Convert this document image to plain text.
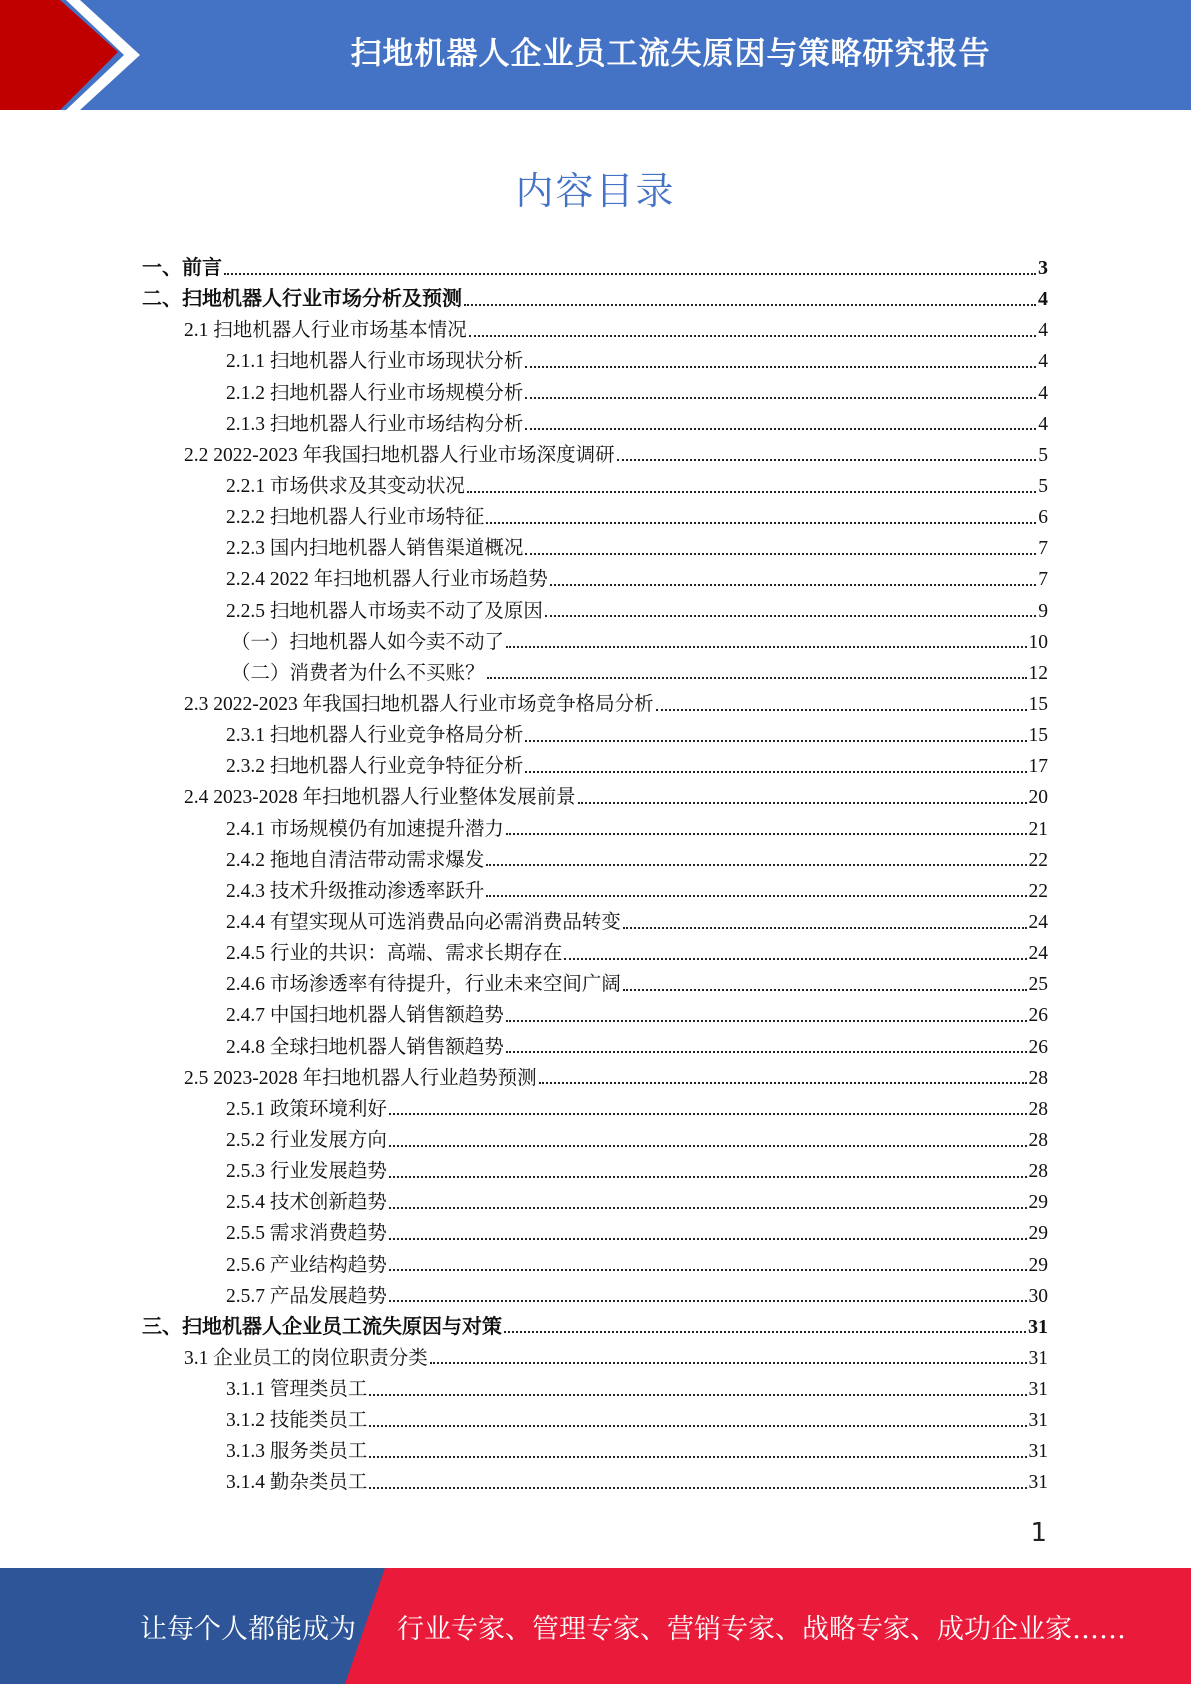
扫地机器人企业员工流失原因与策略研究报告
内容目录
一、前言	3
二、扫地机器人行业市场分析及预测	4
2.1 扫地机器人行业市场基本情况	4
2.1.1 扫地机器人行业市场现状分析	4
2.1.2 扫地机器人行业市场规模分析	4
2.1.3 扫地机器人行业市场结构分析	4
2.2 2022-2023 年我国扫地机器人行业市场深度调研	5
2.2.1 市场供求及其变动状况	5
2.2.2 扫地机器人行业市场特征	6
2.2.3 国内扫地机器人销售渠道概况	7
2.2.4 2022 年扫地机器人行业市场趋势	7
2.2.5 扫地机器人市场卖不动了及原因	9
（一）扫地机器人如今卖不动了	10
（二）消费者为什么不买账？	12
2.3 2022-2023 年我国扫地机器人行业市场竞争格局分析	15
2.3.1 扫地机器人行业竞争格局分析	15
2.3.2 扫地机器人行业竞争特征分析	17
2.4 2023-2028 年扫地机器人行业整体发展前景	20
2.4.1 市场规模仍有加速提升潜力	21
2.4.2 拖地自清洁带动需求爆发	22
2.4.3 技术升级推动渗透率跃升	22
2.4.4 有望实现从可选消费品向必需消费品转变	24
2.4.5 行业的共识：高端、需求长期存在	24
2.4.6 市场渗透率有待提升，行业未来空间广阔	25
2.4.7 中国扫地机器人销售额趋势	26
2.4.8 全球扫地机器人销售额趋势	26
2.5 2023-2028 年扫地机器人行业趋势预测	28
2.5.1 政策环境利好	28
2.5.2 行业发展方向	28
2.5.3 行业发展趋势	28
2.5.4 技术创新趋势	29
2.5.5 需求消费趋势	29
2.5.6 产业结构趋势	29
2.5.7 产品发展趋势	30
三、扫地机器人企业员工流失原因与对策	31
3.1 企业员工的岗位职责分类	31
3.1.1 管理类员工	31
3.1.2 技能类员工	31
3.1.3 服务类员工	31
3.1.4 勤杂类员工	31
1
让每个人都能成为 行业专家、管理专家、营销专家、战略专家、成功企业家……
